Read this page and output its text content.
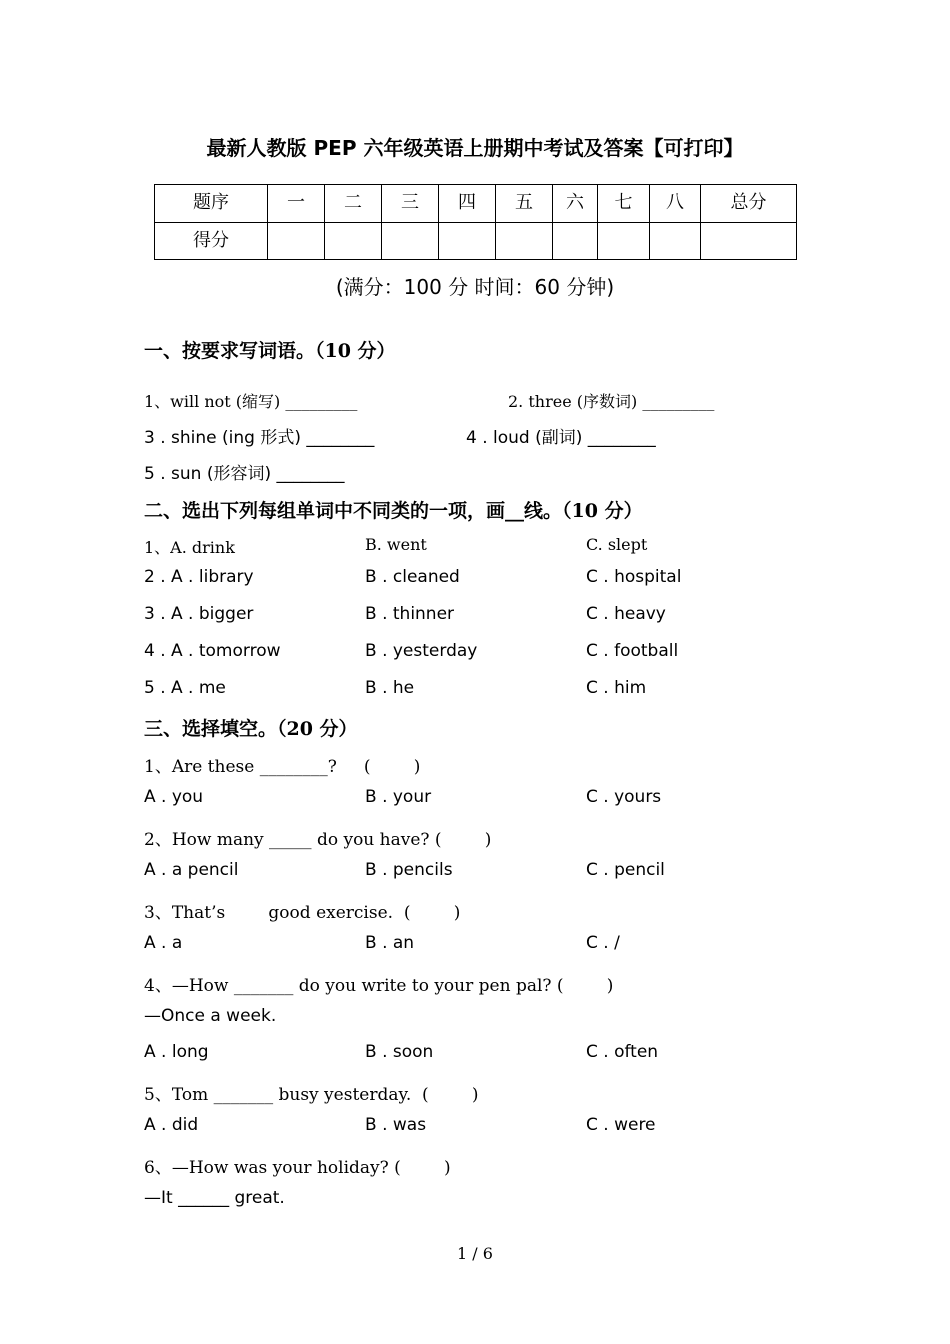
最新人教版 PEP 六年级英语上册期中考试及答案【可打印】
题序	一	二	三	四	五	六	七	八	总分
得分									
(满分：100 分 时间：60 分钟)
一、按要求写词语。（10 分）
1、will not (缩写) _________	2. three (序数词) _________
3 . shine (ing 形式) ________	4 . loud (副词) ________
5 . sun (形容词) ________
二、选出下列每组单词中不同类的一项，画__线。（10 分）
1、A. drink	B. went	C. slept
2 . A . library	B . cleaned	C . hospital
3 . A . bigger	B . thinner	C . heavy
4 . A . tomorrow	B . yesterday	C . football
5 . A . me	B . he	C . him
三、选择填空。（20 分）
1、Are these ________?     (        )
A . you	B . your	C . yours
2、How many _____ do you have? (        )
A . a pencil	B . pencils	C . pencil
3、That’s        good exercise.  (        )
A . a	B . an	C . /
4、—How _______ do you write to your pen pal? (        )
—Once a week.
A . long	B . soon	C . often
5、Tom _______ busy yesterday.  (        )
A . did	B . was	C . were
6、—How was your holiday? (        )
—It ______ great.
1 / 6
